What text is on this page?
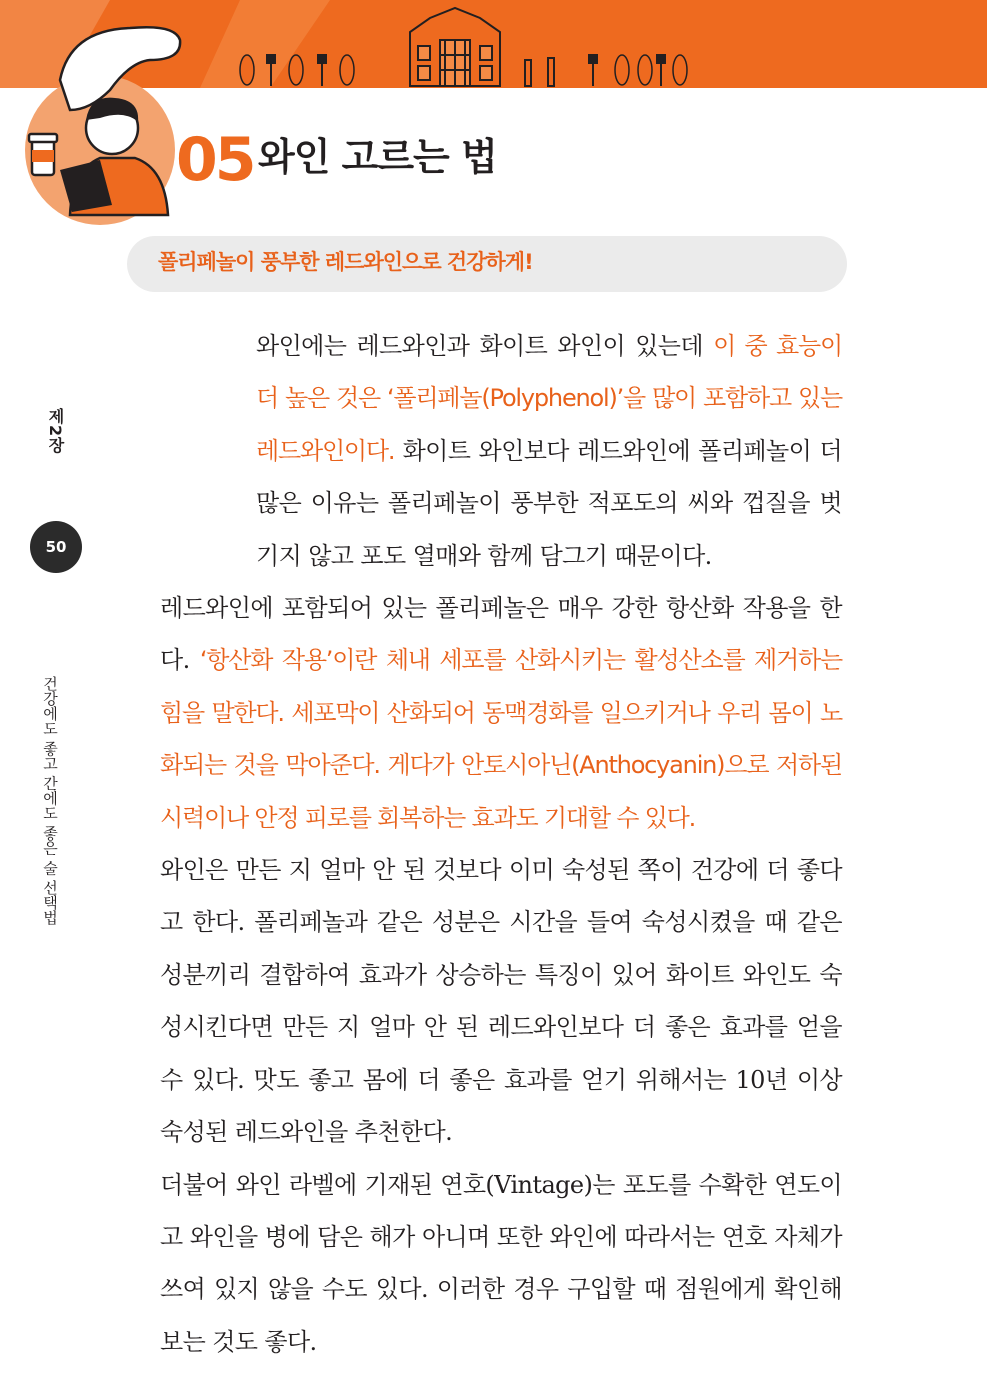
05 와인 고르는 법
폴리페놀이 풍부한 레드와인으로 건강하게!
제2장
50
건강에도 좋고 간에도 좋은 술 선택법

와인에는 레드와인과 화이트 와인이 있는데 이 중 효능이 더 높은 것은 ‘폴리페놀(Polyphenol)’을 많이 포함하고 있는 레드와인이다. 화이트 와인보다 레드와인에 폴리페놀이 더 많은 이유는 폴리페놀이 풍부한 적포도의 씨와 껍질을 벗기지 않고 포도 열매와 함께 담그기 때문이다.

레드와인에 포함되어 있는 폴리페놀은 매우 강한 항산화 작용을 한다. ‘항산화 작용’이란 체내 세포를 산화시키는 활성산소를 제거하는 힘을 말한다. 세포막이 산화되어 동맥경화를 일으키거나 우리 몸이 노화되는 것을 막아준다. 게다가 안토시아닌(Anthocyanin)으로 저하된 시력이나 안정 피로를 회복하는 효과도 기대할 수 있다.

와인은 만든 지 얼마 안 된 것보다 이미 숙성된 쪽이 건강에 더 좋다고 한다. 폴리페놀과 같은 성분은 시간을 들여 숙성시켰을 때 같은 성분끼리 결합하여 효과가 상승하는 특징이 있어 화이트 와인도 숙성시킨다면 만든 지 얼마 안 된 레드와인보다 더 좋은 효과를 얻을 수 있다. 맛도 좋고 몸에 더 좋은 효과를 얻기 위해서는 10년 이상 숙성된 레드와인을 추천한다.

더불어 와인 라벨에 기재된 연호(Vintage)는 포도를 수확한 연도이고 와인을 병에 담은 해가 아니며 또한 와인에 따라서는 연호 자체가 쓰여 있지 않을 수도 있다. 이러한 경우 구입할 때 점원에게 확인해 보는 것도 좋다.
